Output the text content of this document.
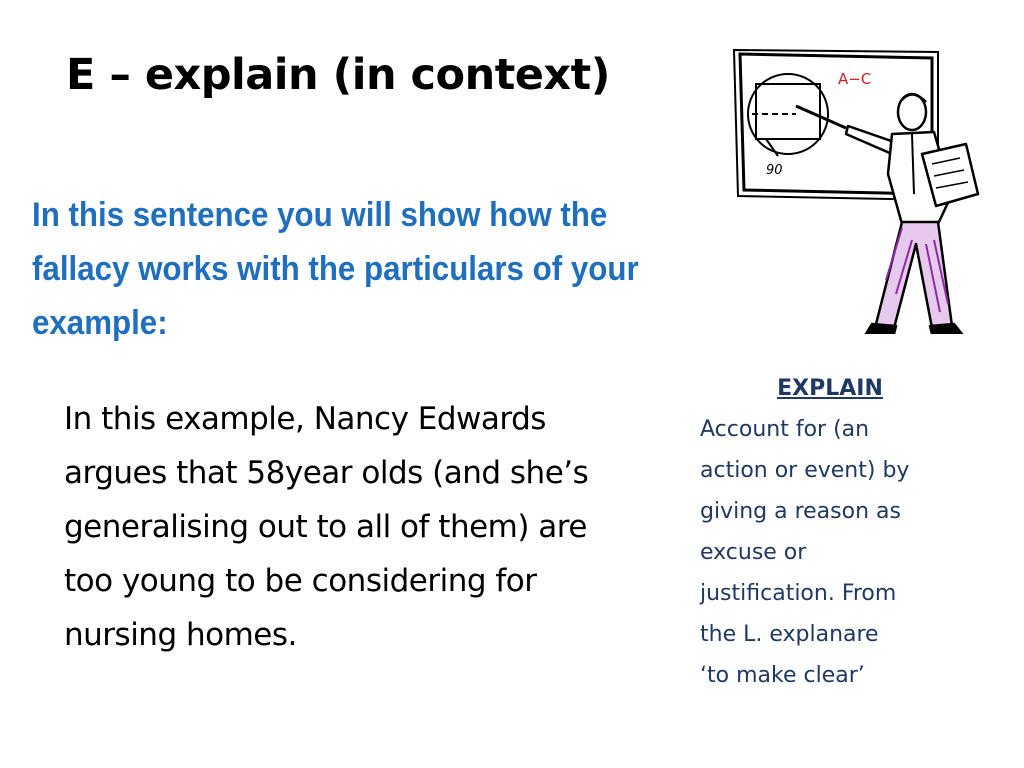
E – explain (in context)
In this sentence you will show how the fallacy works with the particulars of your example:
In this example, Nancy Edwards argues that 58year olds (and she’s generalising out to all of them) are too young to be considering for nursing homes.
EXPLAIN
Account for (an
action or event) by
giving a reason as
excuse or
justification. From
the L. explanare
‘to make clear’
A−C
90
